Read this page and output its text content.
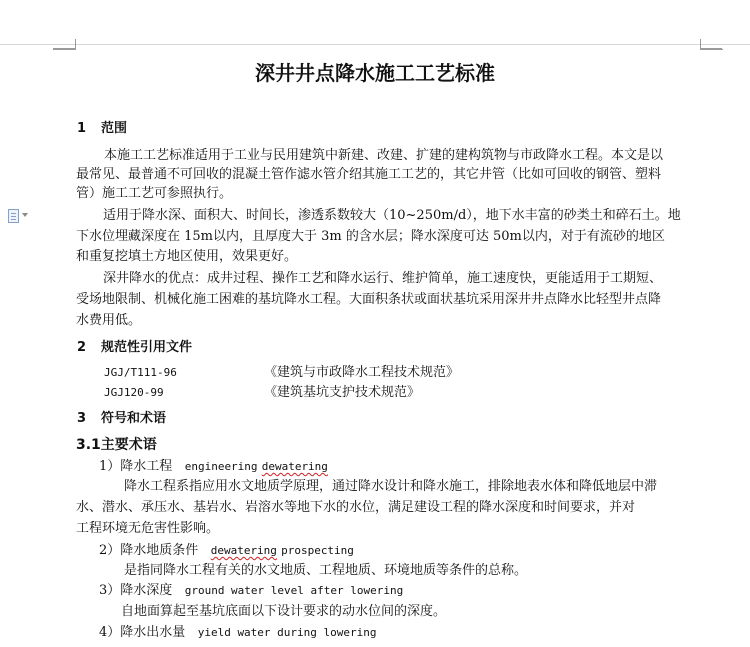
深井井点降水施工工艺标准
1 范围
本施工工艺标准适用于工业与民用建筑中新建、改建、扩建的建构筑物与市政降水工程。本文是以
最常见、最普通不可回收的混凝土管作滤水管介绍其施工工艺的，其它井管（比如可回收的钢管、塑料
管）施工工艺可参照执行。
适用于降水深、面积大、时间长，渗透系数较大（10~250m/d），地下水丰富的砂类土和碎石土。地
下水位埋藏深度在 15m以内，且厚度大于 3m 的含水层；降水深度可达 50m以内，对于有流砂的地区
和重复挖填土方地区使用，效果更好。
深井降水的优点：成井过程、操作工艺和降水运行、维护简单，施工速度快，更能适用于工期短、
受场地限制、机械化施工困难的基坑降水工程。大面积条状或面状基坑采用深井井点降水比轻型井点降
水费用低。
2 规范性引用文件
JGJ/T111-96	《建筑与市政降水工程技术规范》
JGJ120-99	《建筑基坑支护技术规范》
3 符号和术语
3.1主要术语
1）降水工程 engineering dewatering
降水工程系指应用水文地质学原理，通过降水设计和降水施工，排除地表水体和降低地层中滞
水、潜水、承压水、基岩水、岩溶水等地下水的水位，满足建设工程的降水深度和时间要求，并对
工程环境无危害性影响。
2）降水地质条件 dewatering prospecting
是指同降水工程有关的水文地质、工程地质、环境地质等条件的总称。
3）降水深度 ground water level after lowering
自地面算起至基坑底面以下设计要求的动水位间的深度。
4）降水出水量 yield water during lowering
